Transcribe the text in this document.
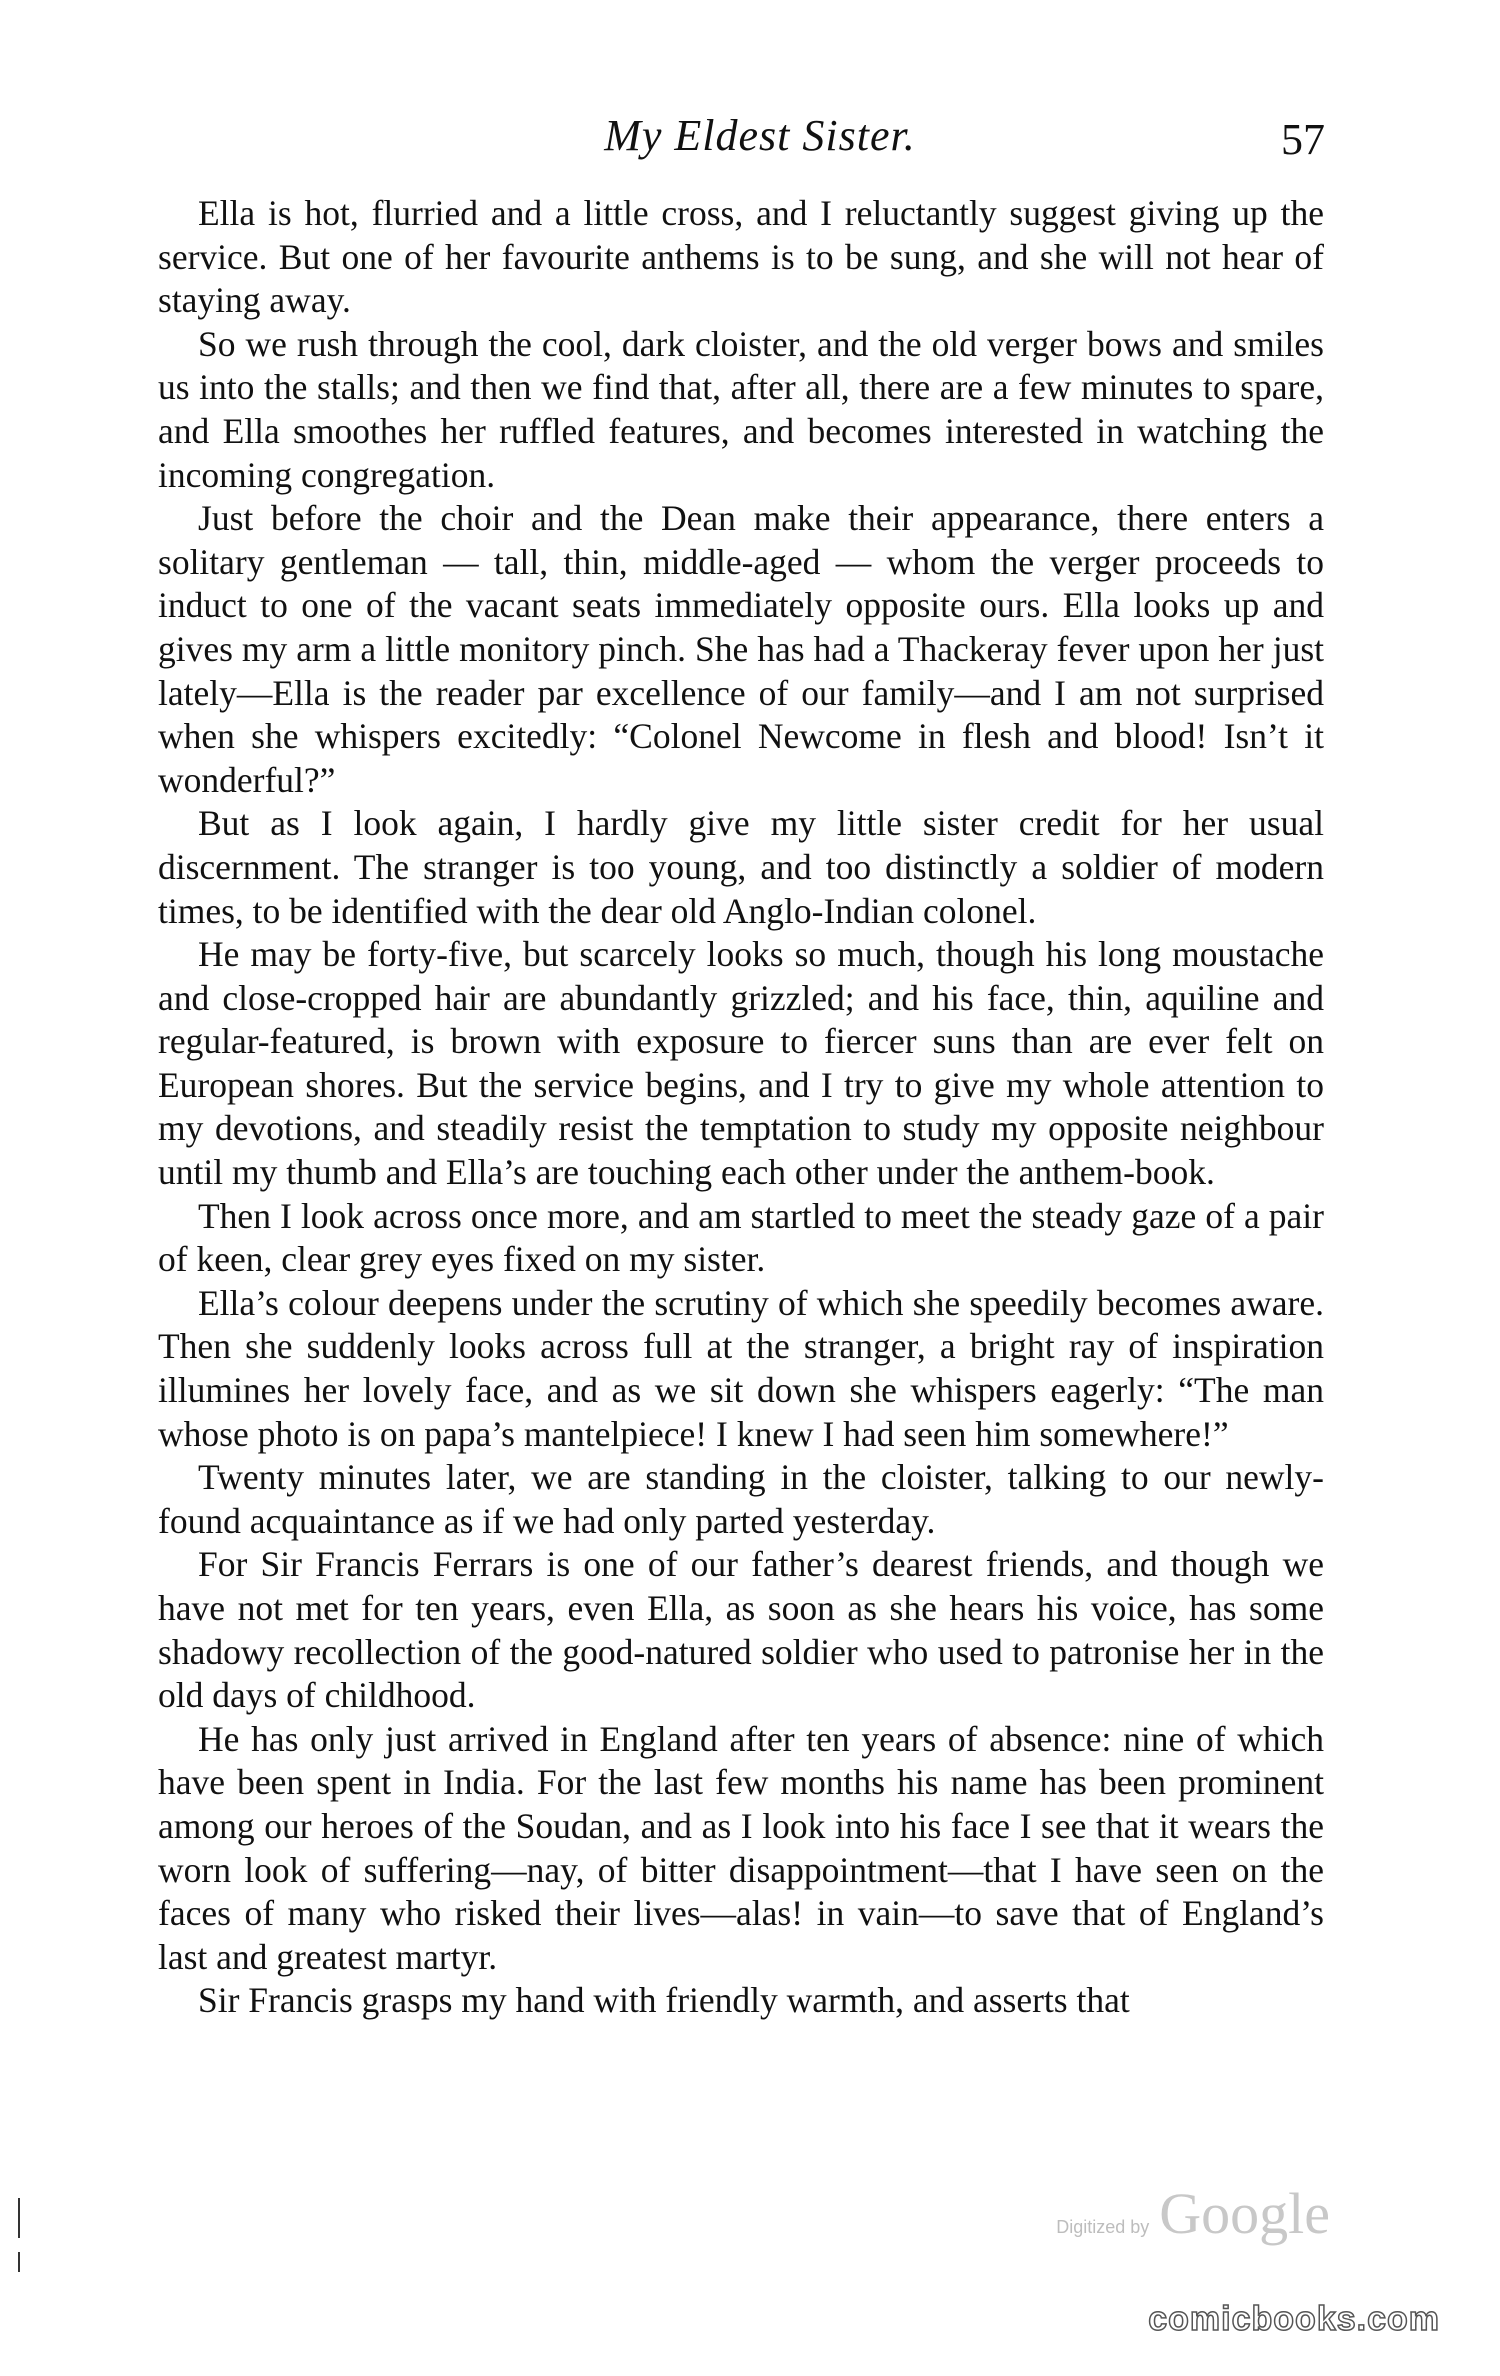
My Eldest Sister.	57

Ella is hot, flurried and a little cross, and I reluctantly suggest giving up the service. But one of her favourite anthems is to be sung, and she will not hear of staying away.

So we rush through the cool, dark cloister, and the old verger bows and smiles us into the stalls; and then we find that, after all, there are a few minutes to spare, and Ella smoothes her ruffled features, and becomes interested in watching the incoming congregation.

Just before the choir and the Dean make their appearance, there enters a solitary gentleman — tall, thin, middle-aged — whom the verger proceeds to induct to one of the vacant seats immediately opposite ours. Ella looks up and gives my arm a little monitory pinch. She has had a Thackeray fever upon her just lately—Ella is the reader par excellence of our family—and I am not surprised when she whispers excitedly: “Colonel Newcome in flesh and blood! Isn’t it wonderful?”

But as I look again, I hardly give my little sister credit for her usual discernment. The stranger is too young, and too distinctly a soldier of modern times, to be identified with the dear old Anglo-Indian colonel.

He may be forty-five, but scarcely looks so much, though his long moustache and close-cropped hair are abundantly grizzled; and his face, thin, aquiline and regular-featured, is brown with exposure to fiercer suns than are ever felt on European shores. But the service begins, and I try to give my whole attention to my devotions, and steadily resist the temptation to study my opposite neighbour until my thumb and Ella’s are touching each other under the anthem-book.

Then I look across once more, and am startled to meet the steady gaze of a pair of keen, clear grey eyes fixed on my sister.

Ella’s colour deepens under the scrutiny of which she speedily becomes aware. Then she suddenly looks across full at the stranger, a bright ray of inspiration illumines her lovely face, and as we sit down she whispers eagerly: “The man whose photo is on papa’s mantelpiece! I knew I had seen him somewhere!”

Twenty minutes later, we are standing in the cloister, talking to our newly-found acquaintance as if we had only parted yesterday.

For Sir Francis Ferrars is one of our father’s dearest friends, and though we have not met for ten years, even Ella, as soon as she hears his voice, has some shadowy recollection of the good-natured soldier who used to patronise her in the old days of childhood.

He has only just arrived in England after ten years of absence: nine of which have been spent in India. For the last few months his name has been prominent among our heroes of the Soudan, and as I look into his face I see that it wears the worn look of suffering—nay, of bitter disappointment—that I have seen on the faces of many who risked their lives—alas! in vain—to save that of England’s last and greatest martyr.

Sir Francis grasps my hand with friendly warmth, and asserts that

Digitized by Google
comicbooks.com
